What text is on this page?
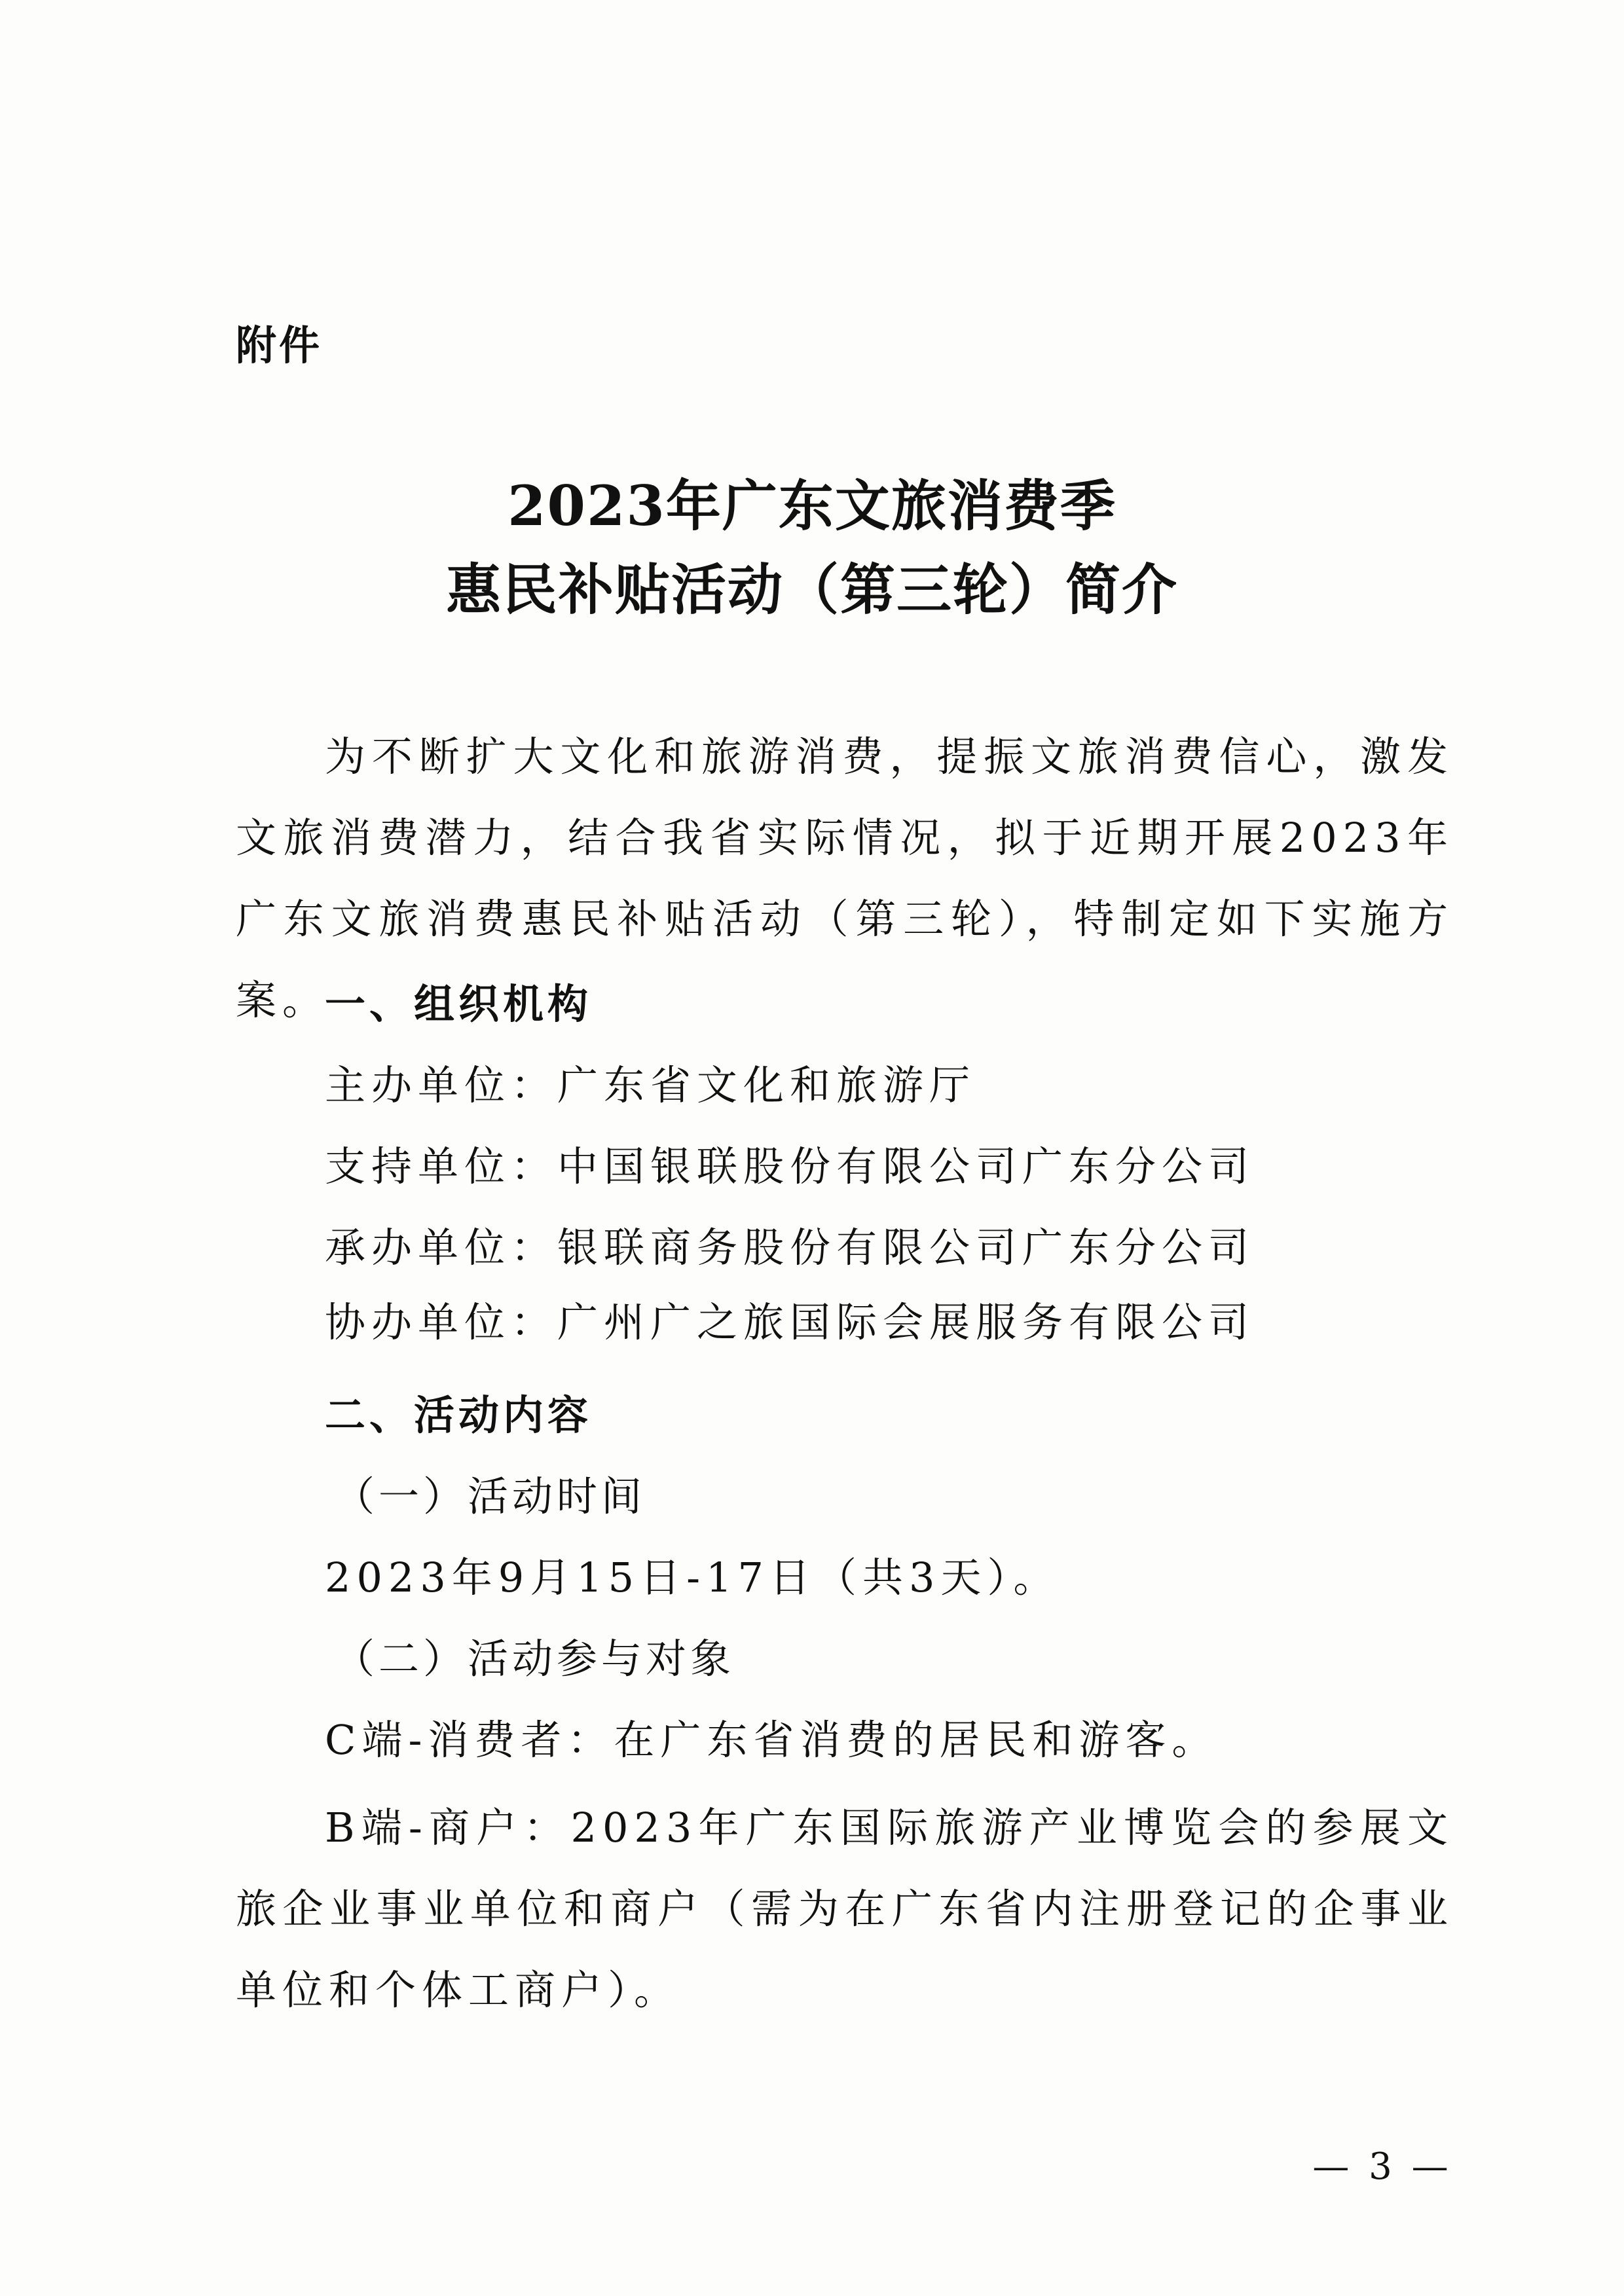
附件
2023年广东文旅消费季
惠民补贴活动（第三轮）简介
为不断扩大文化和旅游消费，提振文旅消费信心，激发文旅消费潜力，结合我省实际情况，拟于近期开展2023年广东文旅消费惠民补贴活动（第三轮），特制定如下实施方案。
一、组织机构
主办单位：广东省文化和旅游厅
支持单位：中国银联股份有限公司广东分公司
承办单位：银联商务股份有限公司广东分公司
协办单位：广州广之旅国际会展服务有限公司
二、活动内容
（一）活动时间
2023年9月15日-17日（共3天）。
（二）活动参与对象
C端-消费者：在广东省消费的居民和游客。
B端-商户：2023年广东国际旅游产业博览会的参展文旅企业事业单位和商户（需为在广东省内注册登记的企事业单位和个体工商户）。
— 3 —
